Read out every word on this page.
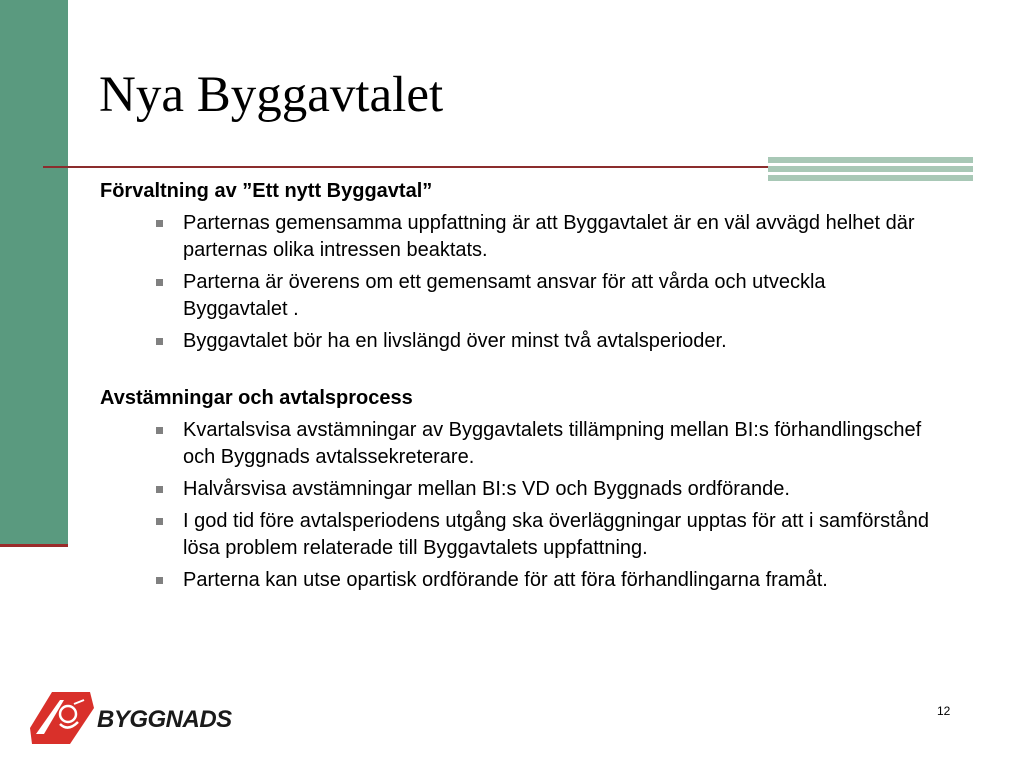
Nya Byggavtalet

Förvaltning av ”Ett nytt Byggavtal”

Parternas gemensamma uppfattning är att Byggavtalet är en väl avvägd helhet där parternas olika intressen beaktats.
Parterna är överens om ett gemensamt ansvar för att vårda och utveckla Byggavtalet .
Byggavtalet bör ha en livslängd över minst två avtalsperioder.

Avstämningar och avtalsprocess

Kvartalsvisa avstämningar av Byggavtalets tillämpning mellan BI:s förhandlingschef och Byggnads avtalssekreterare.
Halvårsvisa avstämningar mellan BI:s VD och Byggnads ordförande.
I god tid före avtalsperiodens utgång ska överläggningar upptas för att i samförstånd lösa problem relaterade till Byggavtalets uppfattning.
Parterna kan utse opartisk ordförande för att föra förhandlingarna framåt.
BYGGNADS	12
